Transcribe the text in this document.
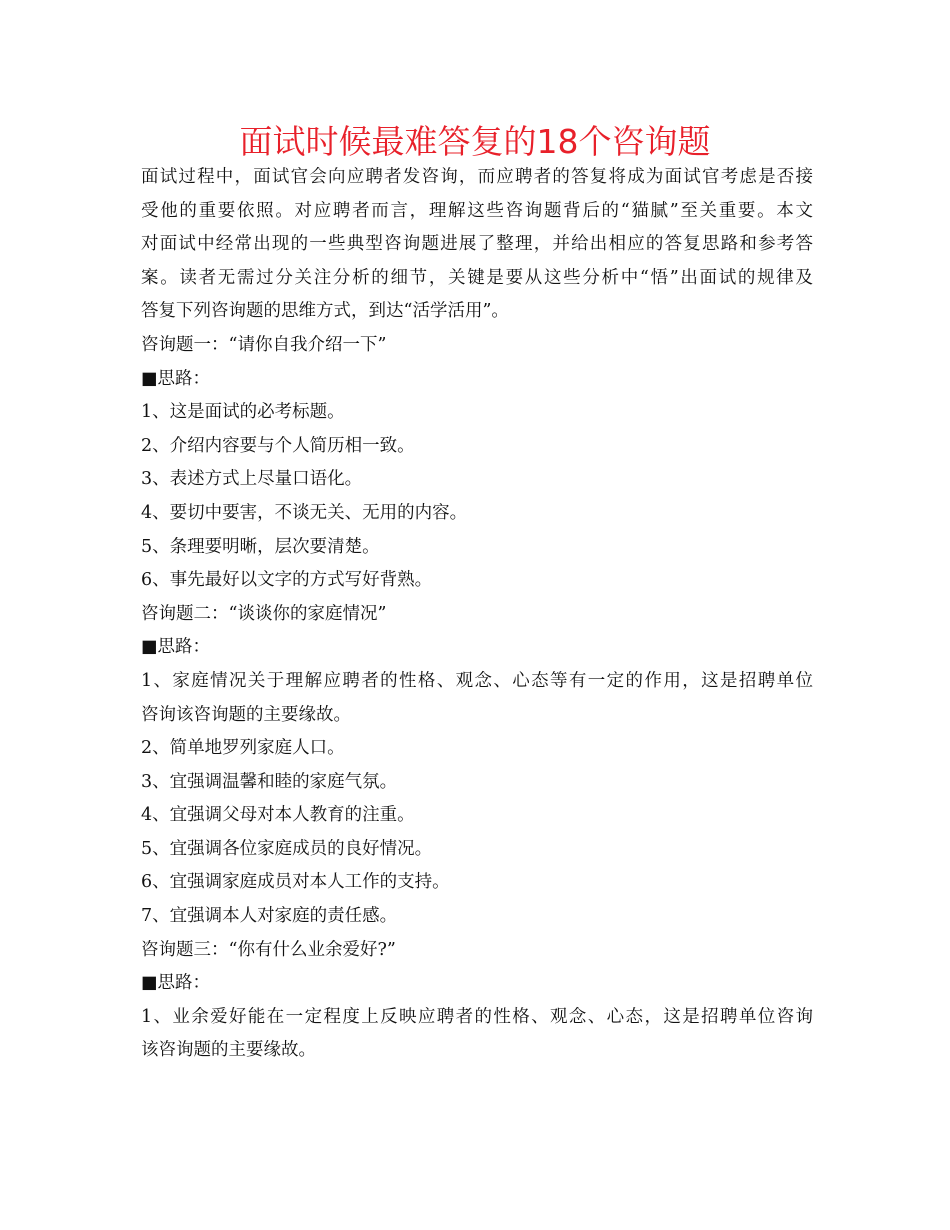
面试时候最难答复的18个咨询题
面试过程中，面试官会向应聘者发咨询，而应聘者的答复将成为面试官考虑是否接
受他的重要依照。对应聘者而言，理解这些咨询题背后的“猫腻”至关重要。本文
对面试中经常出现的一些典型咨询题进展了整理，并给出相应的答复思路和参考答
案。读者无需过分关注分析的细节，关键是要从这些分析中“悟”出面试的规律及
答复下列咨询题的思维方式，到达“活学活用”。
咨询题一：“请你自我介绍一下”
■思路：
1、这是面试的必考标题。
2、介绍内容要与个人简历相一致。
3、表述方式上尽量口语化。
4、要切中要害，不谈无关、无用的内容。
5、条理要明晰，层次要清楚。
6、事先最好以文字的方式写好背熟。
咨询题二：“谈谈你的家庭情况”
■思路：
1、家庭情况关于理解应聘者的性格、观念、心态等有一定的作用，这是招聘单位
咨询该咨询题的主要缘故。
2、简单地罗列家庭人口。
3、宜强调温馨和睦的家庭气氛。
4、宜强调父母对本人教育的注重。
5、宜强调各位家庭成员的良好情况。
6、宜强调家庭成员对本人工作的支持。
7、宜强调本人对家庭的责任感。
咨询题三：“你有什么业余爱好?”
■思路：
1、业余爱好能在一定程度上反映应聘者的性格、观念、心态，这是招聘单位咨询
该咨询题的主要缘故。
